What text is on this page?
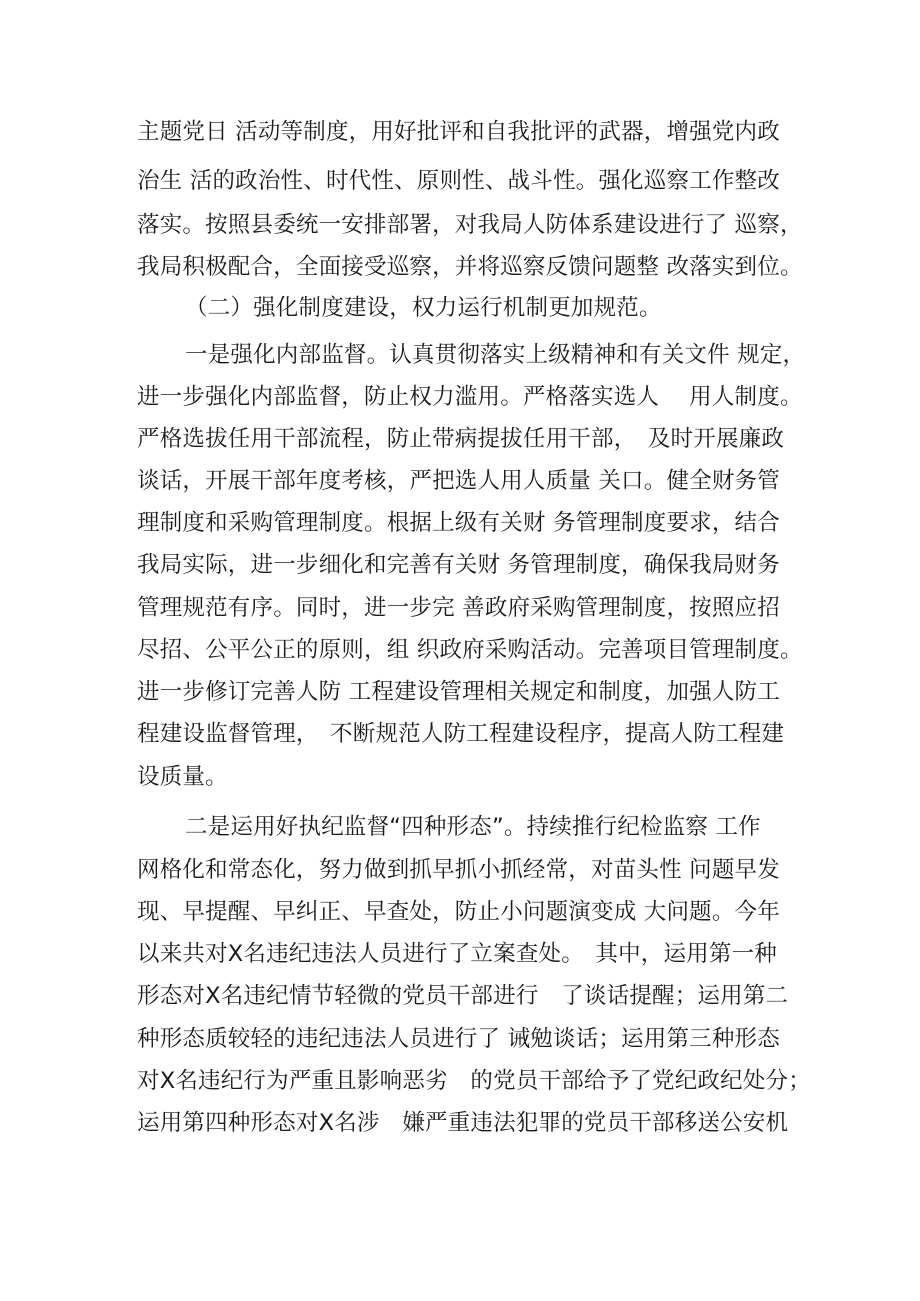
主题党日 活动等制度，用好批评和自我批评的武器，增强党内政
治生 活的政治性、时代性、原则性、战斗性。强化巡察工作整改
落实。按照县委统一安排部署，对我局人防体系建设进行了 巡察，
我局积极配合，全面接受巡察，并将巡察反馈问题整 改落实到位。
（二）强化制度建设，权力运行机制更加规范。
一是强化内部监督。认真贯彻落实上级精神和有关文件 规定，
进一步强化内部监督，防止权力滥用。严格落实选人　 用人制度。
严格选拔任用干部流程，防止带病提拔任用干部，　及时开展廉政
谈话，开展干部年度考核，严把选人用人质量 关口。健全财务管
理制度和采购管理制度。根据上级有关财 务管理制度要求，结合
我局实际，进一步细化和完善有关财 务管理制度，确保我局财务
管理规范有序。同时，进一步完 善政府采购管理制度，按照应招
尽招、公平公正的原则，组 织政府采购活动。完善项目管理制度。
进一步修订完善人防 工程建设管理相关规定和制度，加强人防工
程建设监督管理，　不断规范人防工程建设程序，提高人防工程建
设质量。
二是运用好执纪监督“四种形态”。持续推行纪检监察 工作
网格化和常态化，努力做到抓早抓小抓经常，对苗头性 问题早发
现、早提醒、早纠正、早查处，防止小问题演变成 大问题。今年
以来共对X名违纪违法人员进行了立案查处。　其中，运用第一种
形态对X名违纪情节轻微的党员干部进行　了谈话提醒；运用第二
种形态质较轻的违纪违法人员进行了 诫勉谈话；运用第三种形态
对X名违纪行为严重且影响恶劣　的党员干部给予了党纪政纪处分；
运用第四种形态对X名涉　嫌严重违法犯罪的党员干部移送公安机
